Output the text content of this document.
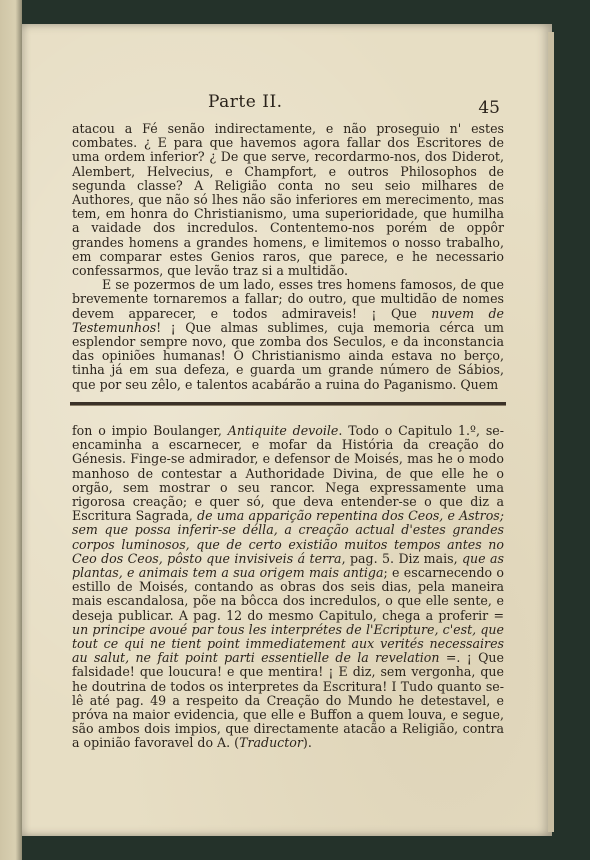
Parte II.	45

atacou a Fé senão indirectamente, e não proseguio n' estes combates. ¿ E para que havemos agora fallar dos Escritores de uma ordem inferior? ¿ De que serve, recordarmo-nos, dos Diderot, Alembert, Helvecius, e Champfort, e outros Philosophos de segunda classe? A Religião conta no seu seio milhares de Authores, que não só lhes não são inferiores em merecimento, mas tem, em honra do Christianismo, uma superioridade, que humilha a vaidade dos incredulos. Contentemo-nos porém de oppôr grandes homens a grandes homens, e limitemos o nosso trabalho, em comparar estes Genios raros, que parece, e he necessario confessarmos, que levão traz si a multidão.

E se pozermos de um lado, esses tres homens famosos, de que brevemente tornaremos a fallar; do outro, que multidão de nomes devem apparecer, e todos admiraveis! ¡ Que nuvem de Testemunhos! ¡ Que almas sublimes, cuja memoria cérca um esplendor sempre novo, que zomba dos Seculos, e da inconstancia das opiniões humanas! O Christianismo ainda estava no berço, tinha já em sua defeza, e guarda um grande número de Sábios, que por seu zêlo, e talentos acabárão a ruina do Paganismo. Quem

fon o impio Boulanger, Antiquite devoile. Todo o Capitulo 1.º, se-encaminha a escarnecer, e mofar da História da creação do Génesis. Finge-se admirador, e defensor de Moisés, mas he o modo manhoso de contestar a Authoridade Divina, de que elle he o orgão, sem mostrar o seu rancor. Nega expressamente uma rigorosa creação; e quer só, que deva entender-se o que diz a Escritura Sagrada, de uma apparição repentina dos Ceos, e Astros; sem que possa inferir-se délla, a creação actual d'estes grandes corpos luminosos, que de certo existião muitos tempos antes no Ceo dos Ceos, pôsto que invisiveis á terra, pag. 5. Diz mais, que as plantas, e animais tem a sua origem mais antiga; e escarnecendo o estillo de Moisés, contando as obras dos seis dias, pela maneira mais escandalosa, põe na bôcca dos incredulos, o que elle sente, e deseja publicar. A pag. 12 do mesmo Capitulo, chega a proferir = un principe avoué par tous les interprétes de l'Ecripture, c'est, que tout ce qui ne tient point immediatement aux verités necessaires au salut, ne fait point parti essentielle de la revelation =. ¡ Que falsidade! que loucura! e que mentira! ¡ E diz, sem vergonha, que he doutrina de todos os interpretes da Escritura! I Tudo quanto se-lê até pag. 49 a respeito da Creação do Mundo he detestavel, e próva na maior evidencia, que elle e Buffon a quem louva, e segue, são ambos dois impios, que directamente atacão a Religião, contra a opinião favoravel do A. (Traductor).
